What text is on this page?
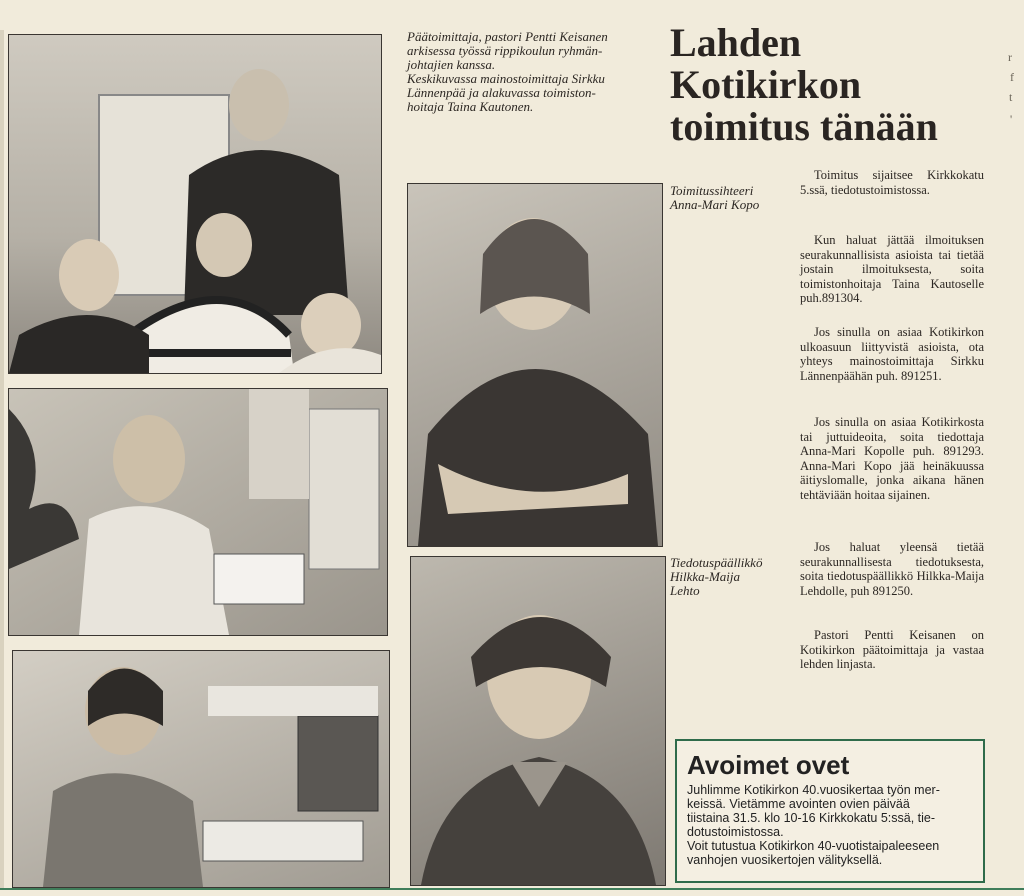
Päätoimittaja, pastori Pentti Keisanen
arkisessa työssä rippikoulun ryhmän-
johtajien kanssa.
Keskikuvassa mainostoimittaja Sirkku
Lännenpää ja alakuvassa toimiston-
hoitaja Taina Kautonen.
Toimitussihteeri
Anna-Mari Kopo
Tiedotuspäällikkö
Hilkka-Maija
Lehto
Lahden
Kotikirkon
toimitus tänään

Toimitus sijaitsee Kirkkokatu 5.ssä, tiedotustoimistossa.

Kun haluat jättää ilmoituksen seurakunnallisista asioista tai tietää jostain ilmoituksesta, soita toimistonhoitaja Taina Kautoselle puh.891304.

Jos sinulla on asiaa Kotikirkon ulkoasuun liittyvistä asioista, ota yhteys mainostoimittaja Sirkku Lännenpäähän puh. 891251.

Jos sinulla on asiaa Kotikirkosta tai juttuideoita, soita tiedottaja Anna-Mari Kopolle puh. 891293. Anna-Mari Kopo jää heinäkuussa äitiyslomalle, jonka aikana hänen tehtäviään hoitaa sijainen.

Jos haluat yleensä tietää seurakunnallisesta tiedotuksesta, soita tiedotuspäällikkö Hilkka-Maija Lehdolle, puh 891250.

Pastori Pentti Keisanen on Kotikirkon päätoimittaja ja vastaa lehden linjasta.

Avoimet ovet

Juhlimme Kotikirkon 40.vuosikertaa työn mer-
keissä. Vietämme avointen ovien päivää
tiistaina 31.5. klo 10-16 Kirkkokatu 5:ssä, tie-
dotustoimistossa.
Voit tutustua Kotikirkon 40-vuotistaipaleeseen
vanhojen vuosikertojen välityksellä.

r
f
t
'
